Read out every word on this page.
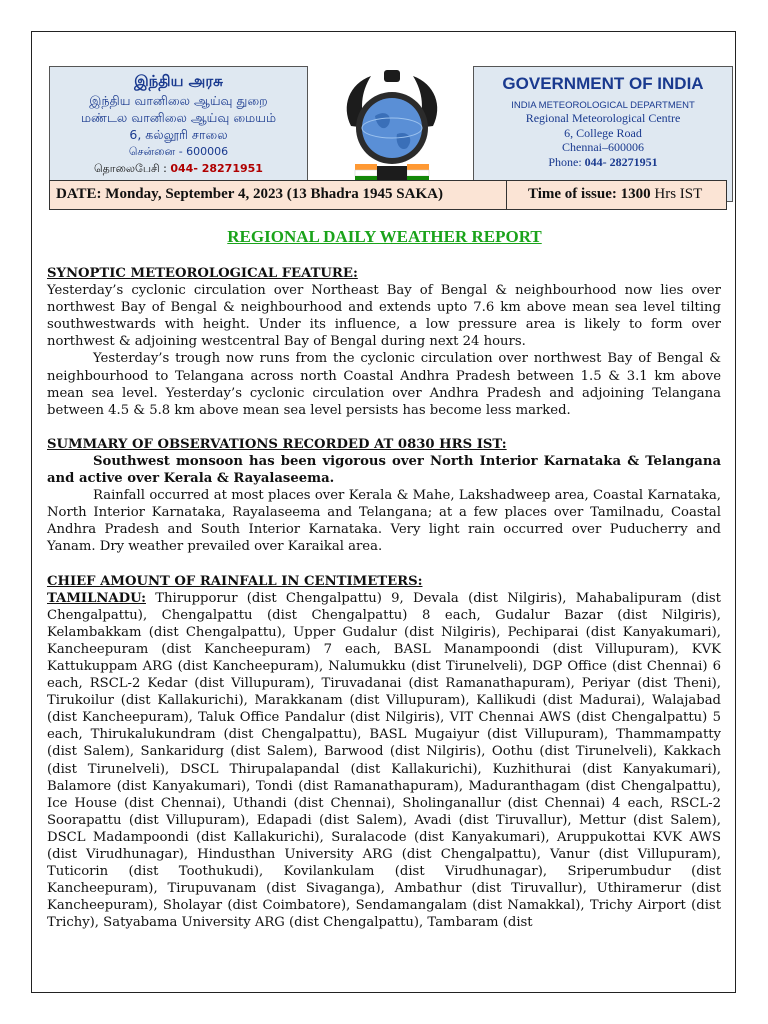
இந்திய அரசு
இந்திய வானிலை ஆய்வு துறை
மண்டல வானிலை ஆய்வு மையம்
6, கல்லூரி சாலை
சென்னை - 600006
தொலைபேசி : 044- 28271951
GOVERNMENT OF INDIA
INDIA METEOROLOGICAL DEPARTMENT
Regional Meteorological Centre
6, College Road
Chennai–600006
Phone: 044- 28271951
DATE: Monday, September 4, 2023 (13 Bhadra 1945 SAKA)	Time of issue: 1300 Hrs IST
REGIONAL DAILY WEATHER REPORT

SYNOPTIC METEOROLOGICAL FEATURE:

Yesterday’s cyclonic circulation over Northeast Bay of Bengal & neighbourhood now lies over northwest Bay of Bengal & neighbourhood and extends upto 7.6 km above mean sea level tilting southwestwards with height. Under its influence, a low pressure area is likely to form over northwest & adjoining westcentral Bay of Bengal during next 24 hours.

Yesterday’s trough now runs from the cyclonic circulation over northwest Bay of Bengal & neighbourhood to Telangana across north Coastal Andhra Pradesh between 1.5 & 3.1 km above mean sea level. Yesterday’s cyclonic circulation over Andhra Pradesh and adjoining Telangana between 4.5 & 5.8 km above mean sea level persists has become less marked.

SUMMARY OF OBSERVATIONS RECORDED AT 0830 HRS IST:

Southwest monsoon has been vigorous over North Interior Karnataka & Telangana and active over Kerala & Rayalaseema.

Rainfall occurred at most places over Kerala & Mahe, Lakshadweep area, Coastal Karnataka, North Interior Karnataka, Rayalaseema and Telangana; at a few places over Tamilnadu, Coastal Andhra Pradesh and South Interior Karnataka. Very light rain occurred over Puducherry and Yanam. Dry weather prevailed over Karaikal area.

CHIEF AMOUNT OF RAINFALL IN CENTIMETERS:

TAMILNADU: Thirupporur (dist Chengalpattu) 9, Devala (dist Nilgiris), Mahabalipuram (dist Chengalpattu), Chengalpattu (dist Chengalpattu) 8 each, Gudalur Bazar (dist Nilgiris), Kelambakkam (dist Chengalpattu), Upper Gudalur (dist Nilgiris), Pechiparai (dist Kanyakumari), Kancheepuram (dist Kancheepuram) 7 each, BASL Manampoondi (dist Villupuram), KVK Kattukuppam ARG (dist Kancheepuram), Nalumukku (dist Tirunelveli), DGP Office (dist Chennai) 6 each, RSCL-2 Kedar (dist Villupuram), Tiruvadanai (dist Ramanathapuram), Periyar (dist Theni), Tirukoilur (dist Kallakurichi), Marakkanam (dist Villupuram), Kallikudi (dist Madurai), Walajabad (dist Kancheepuram), Taluk Office Pandalur (dist Nilgiris), VIT Chennai AWS (dist Chengalpattu) 5 each, Thirukalukundram (dist Chengalpattu), BASL Mugaiyur (dist Villupuram), Thammampatty (dist Salem), Sankaridurg (dist Salem), Barwood (dist Nilgiris), Oothu (dist Tirunelveli), Kakkach (dist Tirunelveli), DSCL Thirupalapandal (dist Kallakurichi), Kuzhithurai (dist Kanyakumari), Balamore (dist Kanyakumari), Tondi (dist Ramanathapuram), Maduranthagam (dist Chengalpattu), Ice House (dist Chennai), Uthandi (dist Chennai), Sholinganallur (dist Chennai) 4 each, RSCL-2 Soorapattu (dist Villupuram), Edapadi (dist Salem), Avadi (dist Tiruvallur), Mettur (dist Salem), DSCL Madampoondi (dist Kallakurichi), Suralacode (dist Kanyakumari), Aruppukottai KVK AWS (dist Virudhunagar), Hindusthan University ARG (dist Chengalpattu), Vanur (dist Villupuram), Tuticorin (dist Toothukudi), Kovilankulam (dist Virudhunagar), Sriperumbudur (dist Kancheepuram), Tirupuvanam (dist Sivaganga), Ambathur (dist Tiruvallur), Uthiramerur (dist Kancheepuram), Sholayar (dist Coimbatore), Sendamangalam (dist Namakkal), Trichy Airport (dist Trichy), Satyabama University ARG (dist Chengalpattu), Tambaram (dist
